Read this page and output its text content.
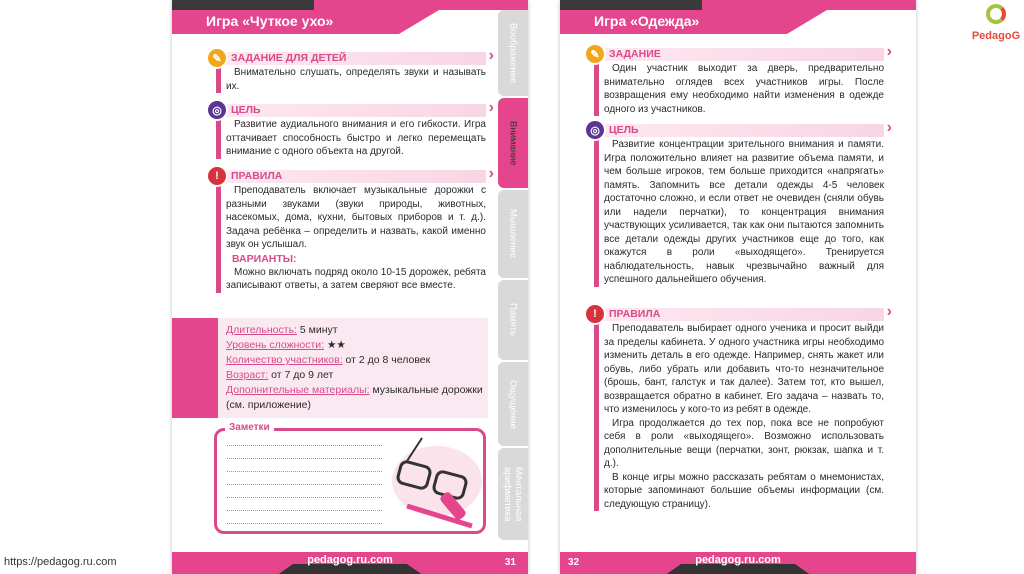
Игра «Чуткое ухо»
›
✎ ЗАДАНИЕ ДЛЯ ДЕТЕЙ

Внимательно слушать, определять звуки и называть их.

›
◎ ЦЕЛЬ

Развитие аудиального внимания и его гибкости. Игра оттачивает способность быстро и легко перемещать внимание с одного объекта на другой.

›
!	ПРАВИЛА

Преподаватель включает музыкальные дорожки с разными звуками (звуки природы, животных, насекомых, дома, кухни, бытовых приборов и т. д.). Задача ребёнка – определить и назвать, какой именно звук он услышал.

ВАРИАНТЫ:

Можно включать подряд около 10-15 дорожек, ребята записывают ответы, а затем сверяют все вместе.

Длительность: 5 минут
Уровень сложности: ★★
Количество участников: от 2 до 8 человек
Возраст: от 7 до 9 лет
Дополнительные материалы: музыкальные дорожки (см. приложение)
Заметки
Воображение
Внимание
Мышление
Память
Ощущение
Ментальная арифметика
pedagog.ru.com	31
Игра «Одежда»
›
✎ ЗАДАНИЕ

Один участник выходит за дверь, предварительно внимательно оглядев всех участников игры. После возвращения ему необходимо найти изменения в одежде одного из участников.

›
◎ ЦЕЛЬ

Развитие концентрации зрительного внимания и памяти. Игра положительно влияет на развитие объема памяти, и чем больше игроков, тем больше приходится «напрягать» память. Запомнить все детали одежды 4-5 человек достаточно сложно, и если ответ не очевиден (сняли обувь или надели перчатки), то концентрация внимания участвующих усиливается, так как они пытаются запомнить все детали одежды других участников еще до того, как окажутся в роли «выходящего». Тренируется наблюдательность, навык чрезвычайно важный для успешного дальнейшего обучения.

›
!	ПРАВИЛА

Преподаватель выбирает одного ученика и просит выйди за пределы кабинета. У одного участника игры необходимо изменить деталь в его одежде. Например, снять жакет или обувь, либо убрать или добавить что-то незначительное (брошь, бант, галстук и так далее). Затем тот, кто вышел, возвращается обратно в кабинет. Его задача – назвать то, что изменилось у кого-то из ребят в одежде.

Игра продолжается до тех пор, пока все не попробуют себя в роли «выходящего». Возможно использовать дополнительные вещи (перчатки, зонт, рюкзак, шапка и т. д.).

В конце игры можно рассказать ребятам о мнемонистах, которые запоминают большие объемы информации (см. следующую страницу).

pedagog.ru.com
32
PedagoG
https://pedagog.ru.com
